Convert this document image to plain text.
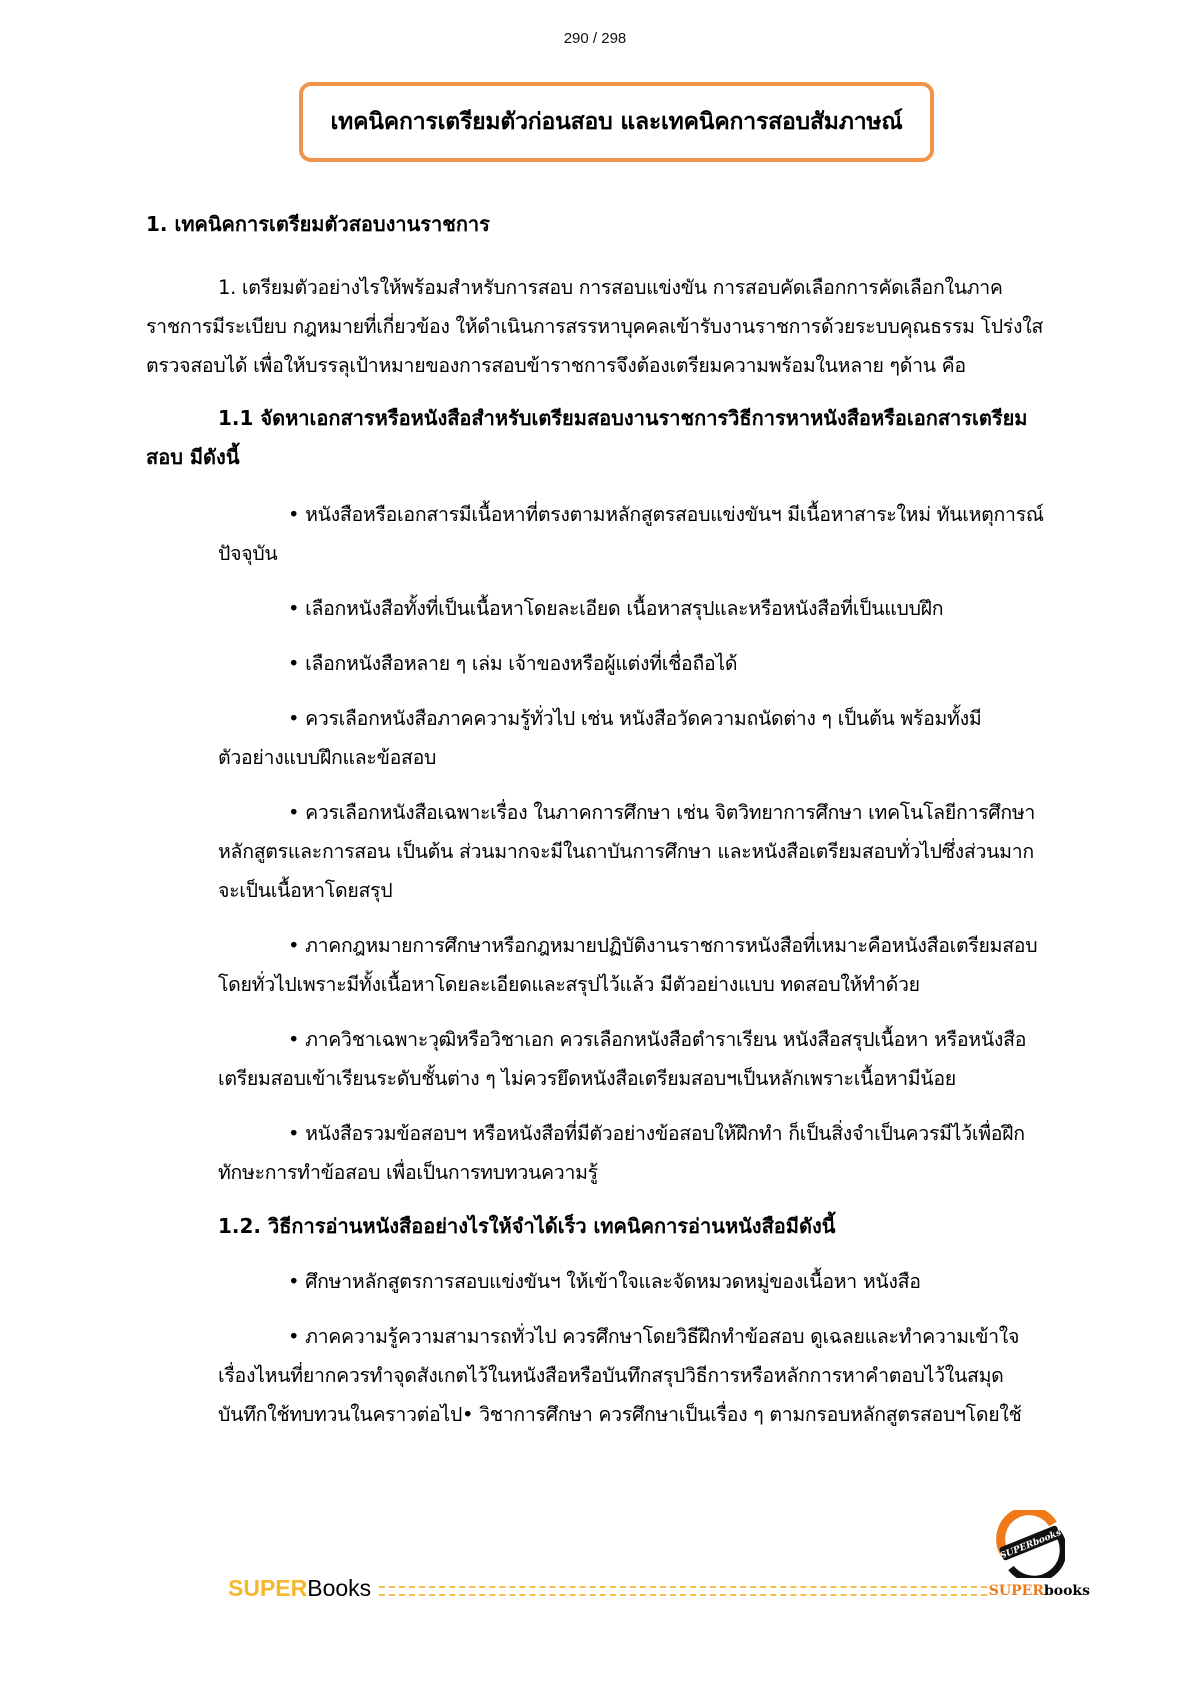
290 / 298
เทคนิคการเตรียมตัวก่อนสอบ และเทคนิคการสอบสัมภาษณ์
1. เทคนิคการเตรียมตัวสอบงานราชการ

1. เตรียมตัวอย่างไรให้พร้อมสำหรับการสอบ การสอบแข่งขัน การสอบคัดเลือกการคัดเลือกในภาคราชการมีระเบียบ กฎหมายที่เกี่ยวข้อง ให้ดำเนินการสรรหาบุคคลเข้ารับงานราชการด้วยระบบคุณธรรม โปร่งใส ตรวจสอบได้ เพื่อให้บรรลุเป้าหมายของการสอบข้าราชการจึงต้องเตรียมความพร้อมในหลาย ๆด้าน คือ

1.1 จัดหาเอกสารหรือหนังสือสำหรับเตรียมสอบงานราชการวิธีการหาหนังสือหรือเอกสารเตรียมสอบ มีดังนี้

• หนังสือหรือเอกสารมีเนื้อหาที่ตรงตามหลักสูตรสอบแข่งขันฯ มีเนื้อหาสาระใหม่ ทันเหตุการณ์ปัจจุบัน

• เลือกหนังสือทั้งที่เป็นเนื้อหาโดยละเอียด เนื้อหาสรุปและหรือหนังสือที่เป็นแบบฝึก

• เลือกหนังสือหลาย ๆ เล่ม เจ้าของหรือผู้แต่งที่เชื่อถือได้

• ควรเลือกหนังสือภาคความรู้ทั่วไป เช่น หนังสือวัดความถนัดต่าง ๆ เป็นต้น พร้อมทั้งมีตัวอย่างแบบฝึกและข้อสอบ

• ควรเลือกหนังสือเฉพาะเรื่อง ในภาคการศึกษา เช่น จิตวิทยาการศึกษา เทคโนโลยีการศึกษาหลักสูตรและการสอน เป็นต้น ส่วนมากจะมีในถาบันการศึกษา และหนังสือเตรียมสอบทั่วไปซึ่งส่วนมากจะเป็นเนื้อหาโดยสรุป

• ภาคกฎหมายการศึกษาหรือกฎหมายปฏิบัติงานราชการหนังสือที่เหมาะคือหนังสือเตรียมสอบโดยทั่วไปเพราะมีทั้งเนื้อหาโดยละเอียดและสรุปไว้แล้ว มีตัวอย่างแบบ ทดสอบให้ทำด้วย

• ภาควิชาเฉพาะวุฒิหรือวิชาเอก ควรเลือกหนังสือตำราเรียน หนังสือสรุปเนื้อหา หรือหนังสือเตรียมสอบเข้าเรียนระดับชั้นต่าง ๆ ไม่ควรยึดหนังสือเตรียมสอบฯเป็นหลักเพราะเนื้อหามีน้อย

• หนังสือรวมข้อสอบฯ หรือหนังสือที่มีตัวอย่างข้อสอบให้ฝึกทำ ก็เป็นสิ่งจำเป็นควรมีไว้เพื่อฝึกทักษะการทำข้อสอบ เพื่อเป็นการทบทวนความรู้

1.2. วิธีการอ่านหนังสืออย่างไรให้จำได้เร็ว เทคนิคการอ่านหนังสือมีดังนี้

• ศึกษาหลักสูตรการสอบแข่งขันฯ ให้เข้าใจและจัดหมวดหมู่ของเนื้อหา หนังสือ

• ภาคความรู้ความสามารถทั่วไป ควรศึกษาโดยวิธีฝึกทำข้อสอบ ดูเฉลยและทำความเข้าใจเรื่องไหนที่ยากควรทำจุดสังเกตไว้ในหนังสือหรือบันทึกสรุปวิธีการหรือหลักการหาคำตอบไว้ในสมุดบันทึกใช้ทบทวนในคราวต่อไป• วิชาการศึกษา ควรศึกษาเป็นเรื่อง ๆ ตามกรอบหลักสูตรสอบฯโดยใช้

SUPERbooks
SUPERBooks	SUPERbooks
